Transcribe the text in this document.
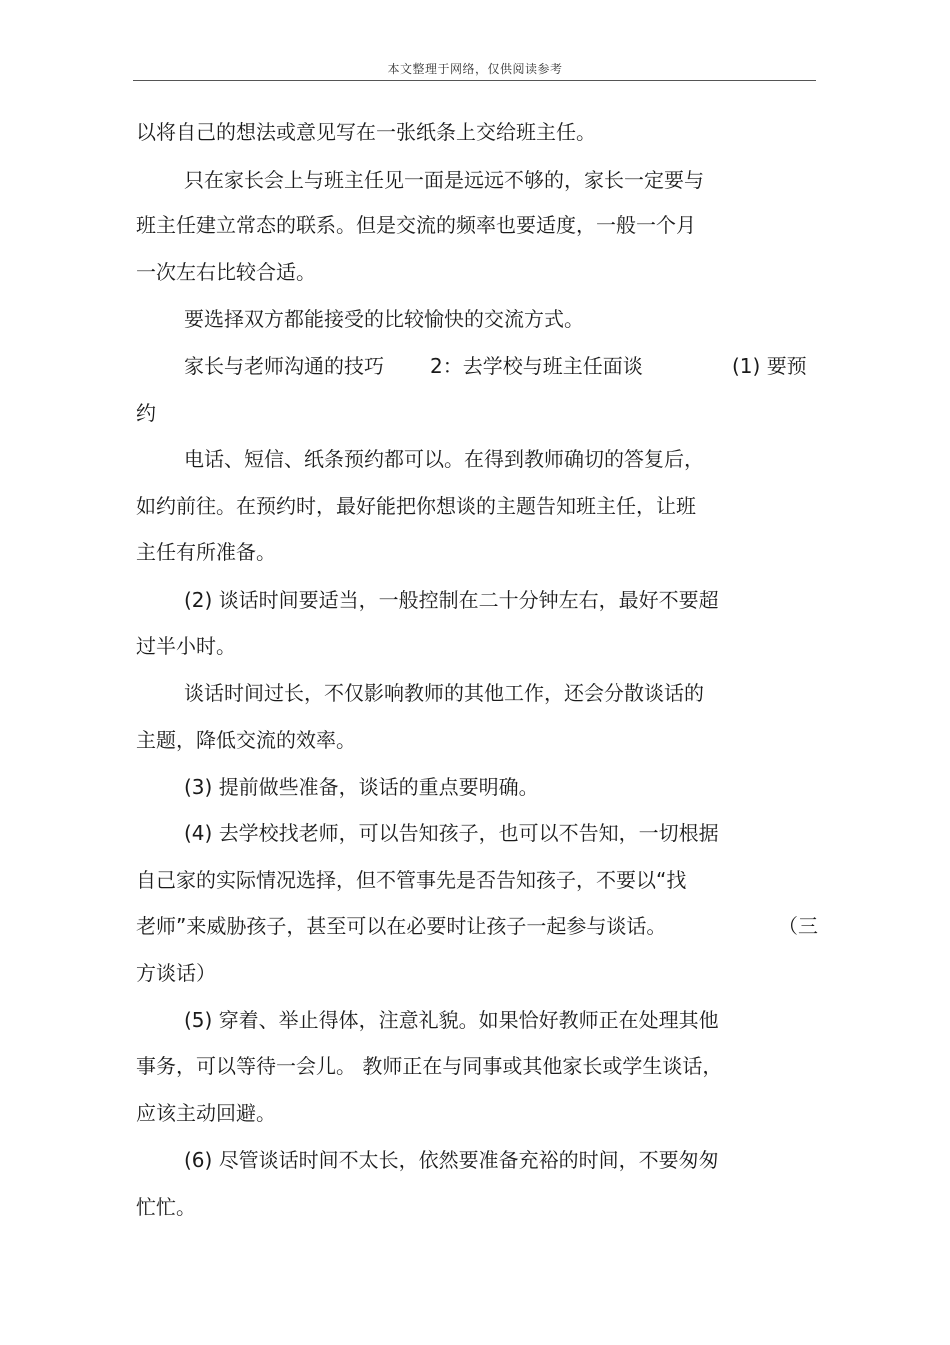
本文整理于网络，仅供阅读参考
以将自己的想法或意见写在一张纸条上交给班主任。
只在家长会上与班主任见一面是远远不够的，家长一定要与
班主任建立常态的联系。但是交流的频率也要适度，一般一个月
一次左右比较合适。
要选择双方都能接受的比较愉快的交流方式。
家长与老师沟通的技巧 2：去学校与班主任面谈	(1) 要预
约
电话、短信、纸条预约都可以。在得到教师确切的答复后，
如约前往。在预约时，最好能把你想谈的主题告知班主任，让班
主任有所准备。
(2) 谈话时间要适当，一般控制在二十分钟左右，最好不要超
过半小时。
谈话时间过长，不仅影响教师的其他工作，还会分散谈话的
主题，降低交流的效率。
(3) 提前做些准备，谈话的重点要明确。
(4) 去学校找老师，可以告知孩子，也可以不告知，一切根据
自己家的实际情况选择，但不管事先是否告知孩子，不要以“找
老师”来威胁孩子，甚至可以在必要时让孩子一起参与谈话。	（三
方谈话）
(5) 穿着、举止得体，注意礼貌。如果恰好教师正在处理其他
事务，可以等待一会儿。 教师正在与同事或其他家长或学生谈话，
应该主动回避。
(6) 尽管谈话时间不太长，依然要准备充裕的时间，不要匆匆
忙忙。
